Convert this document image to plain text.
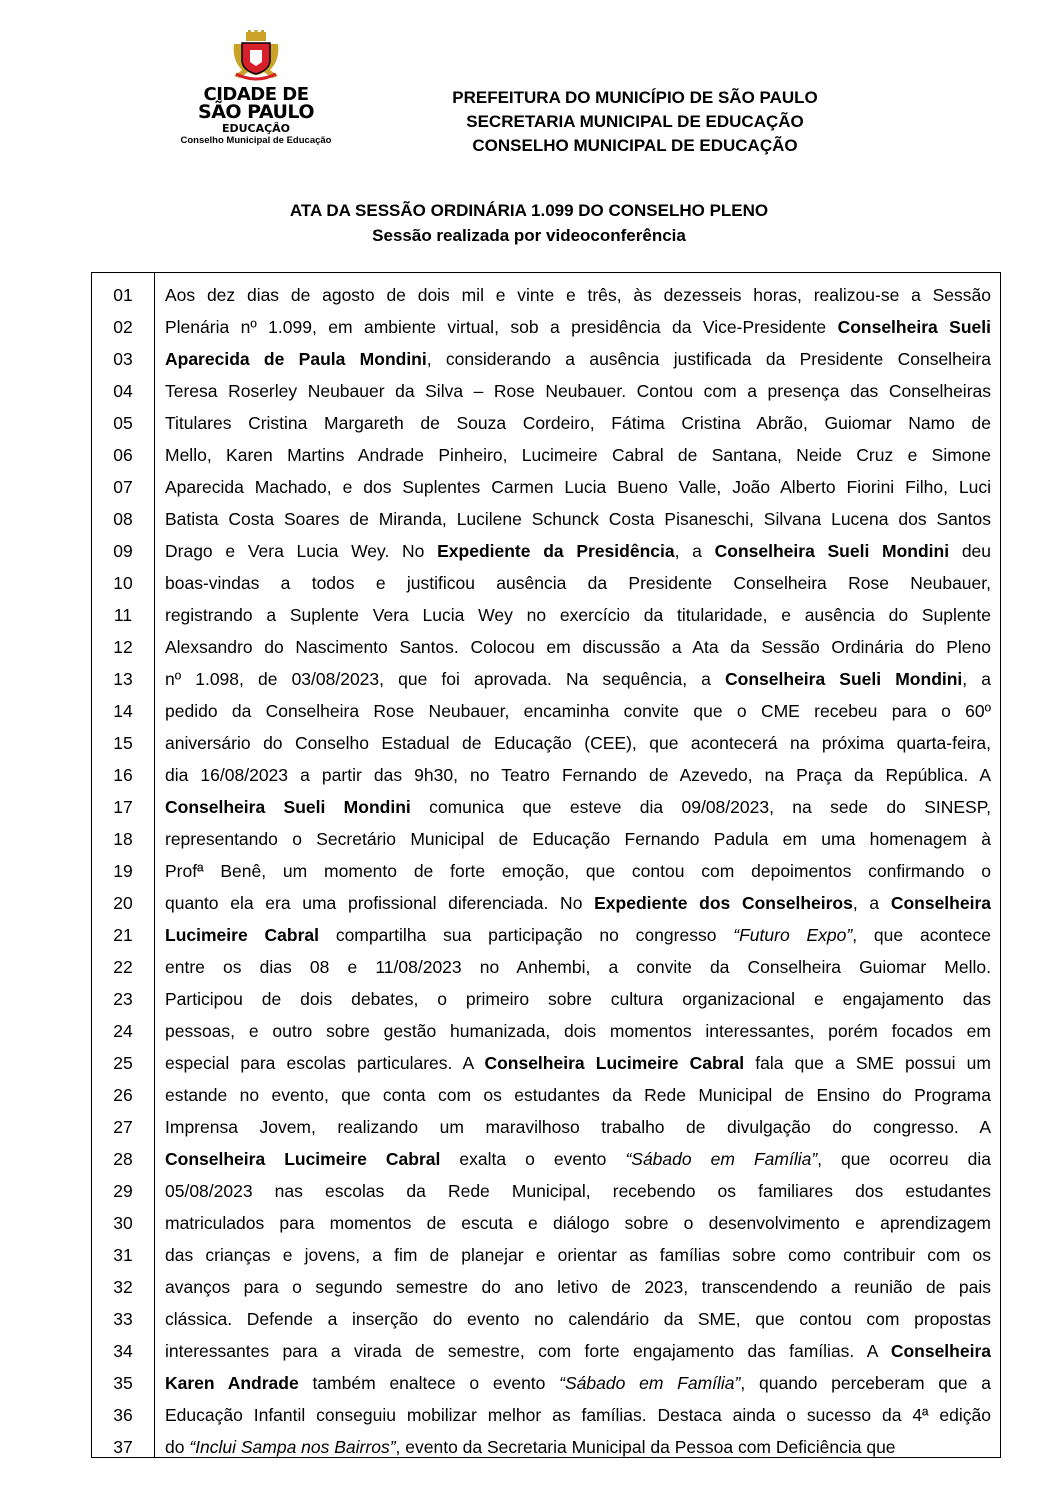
CIDADE DE
SÃO PAULO
EDUCAÇÃO
Conselho Municipal de Educação
PREFEITURA DO MUNICÍPIO DE SÃO PAULO
SECRETARIA MUNICIPAL DE EDUCAÇÃO
CONSELHO MUNICIPAL DE EDUCAÇÃO
ATA DA SESSÃO ORDINÁRIA 1.099 DO CONSELHO PLENO
Sessão realizada por videoconferência
01
02
03
04
05
06
07
08
09
10
11
12
13
14
15
16
17
18
19
20
21
22
23
24
25
26
27
28
29
30
31
32
33
34
35
36
37
Aos dez dias de agosto de dois mil e vinte e três, às dezesseis horas, realizou-se a Sessão
Plenária nº 1.099, em ambiente virtual, sob a presidência da Vice-Presidente Conselheira Sueli
Aparecida de Paula Mondini, considerando a ausência justificada da Presidente Conselheira
Teresa Roserley Neubauer da Silva – Rose Neubauer. Contou com a presença das Conselheiras
Titulares Cristina Margareth de Souza Cordeiro, Fátima Cristina Abrão, Guiomar Namo de
Mello, Karen Martins Andrade Pinheiro, Lucimeire Cabral de Santana, Neide Cruz e Simone
Aparecida Machado, e dos Suplentes Carmen Lucia Bueno Valle, João Alberto Fiorini Filho, Luci
Batista Costa Soares de Miranda, Lucilene Schunck Costa Pisaneschi, Silvana Lucena dos Santos
Drago e Vera Lucia Wey. No Expediente da Presidência, a Conselheira Sueli Mondini deu
boas-vindas a todos e justificou ausência da Presidente Conselheira Rose Neubauer,
registrando a Suplente Vera Lucia Wey no exercício da titularidade, e ausência do Suplente
Alexsandro do Nascimento Santos. Colocou em discussão a Ata da Sessão Ordinária do Pleno
nº 1.098, de 03/08/2023, que foi aprovada. Na sequência, a Conselheira Sueli Mondini, a
pedido da Conselheira Rose Neubauer, encaminha convite que o CME recebeu para o 60º
aniversário do Conselho Estadual de Educação (CEE), que acontecerá na próxima quarta-feira,
dia 16/08/2023 a partir das 9h30, no Teatro Fernando de Azevedo, na Praça da República. A
Conselheira Sueli Mondini comunica que esteve dia 09/08/2023, na sede do SINESP,
representando o Secretário Municipal de Educação Fernando Padula em uma homenagem à
Profª Benê, um momento de forte emoção, que contou com depoimentos confirmando o
quanto ela era uma profissional diferenciada. No Expediente dos Conselheiros, a Conselheira
Lucimeire Cabral compartilha sua participação no congresso “Futuro Expo”, que acontece
entre os dias 08 e 11/08/2023 no Anhembi, a convite da Conselheira Guiomar Mello.
Participou de dois debates, o primeiro sobre cultura organizacional e engajamento das
pessoas, e outro sobre gestão humanizada, dois momentos interessantes, porém focados em
especial para escolas particulares. A Conselheira Lucimeire Cabral fala que a SME possui um
estande no evento, que conta com os estudantes da Rede Municipal de Ensino do Programa
Imprensa Jovem, realizando um maravilhoso trabalho de divulgação do congresso. A
Conselheira Lucimeire Cabral exalta o evento “Sábado em Família”, que ocorreu dia
05/08/2023 nas escolas da Rede Municipal, recebendo os familiares dos estudantes
matriculados para momentos de escuta e diálogo sobre o desenvolvimento e aprendizagem
das crianças e jovens, a fim de planejar e orientar as famílias sobre como contribuir com os
avanços para o segundo semestre do ano letivo de 2023, transcendendo a reunião de pais
clássica. Defende a inserção do evento no calendário da SME, que contou com propostas
interessantes para a virada de semestre, com forte engajamento das famílias. A Conselheira
Karen Andrade também enaltece o evento “Sábado em Família”, quando perceberam que a
Educação Infantil conseguiu mobilizar melhor as famílias. Destaca ainda o sucesso da 4ª edição
do “Inclui Sampa nos Bairros”, evento da Secretaria Municipal da Pessoa com Deficiência que
